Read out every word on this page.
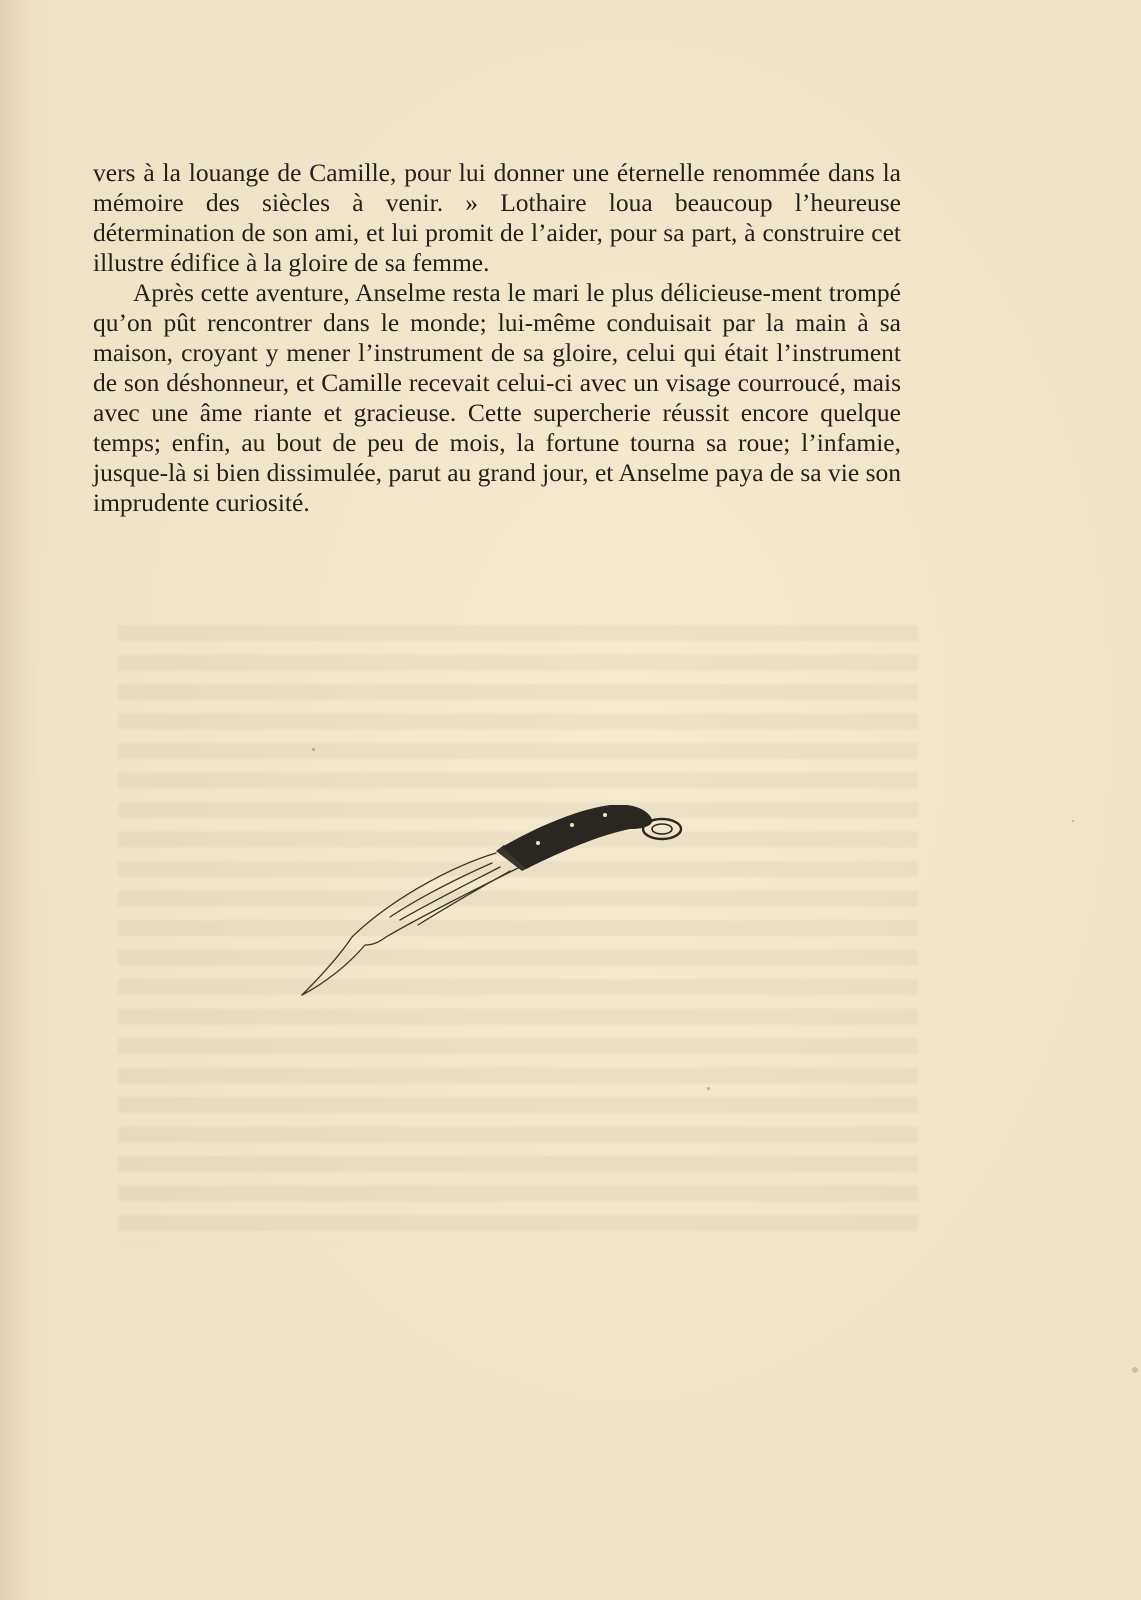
vers à la louange de Camille, pour lui donner une éternelle renommée dans la mémoire des siècles à venir. » Lothaire loua beaucoup l’heureuse détermination de son ami, et lui promit de l’aider, pour sa part, à construire cet illustre édifice à la gloire de sa femme.

Après cette aventure, Anselme resta le mari le plus délicieuse-ment trompé qu’on pût rencontrer dans le monde; lui-même conduisait par la main à sa maison, croyant y mener l’instrument de sa gloire, celui qui était l’instrument de son déshonneur, et Camille recevait celui-ci avec un visage courroucé, mais avec une âme riante et gracieuse. Cette supercherie réussit encore quelque temps; enfin, au bout de peu de mois, la fortune tourna sa roue; l’infamie, jusque-là si bien dissimulée, parut au grand jour, et Anselme paya de sa vie son imprudente curiosité.
